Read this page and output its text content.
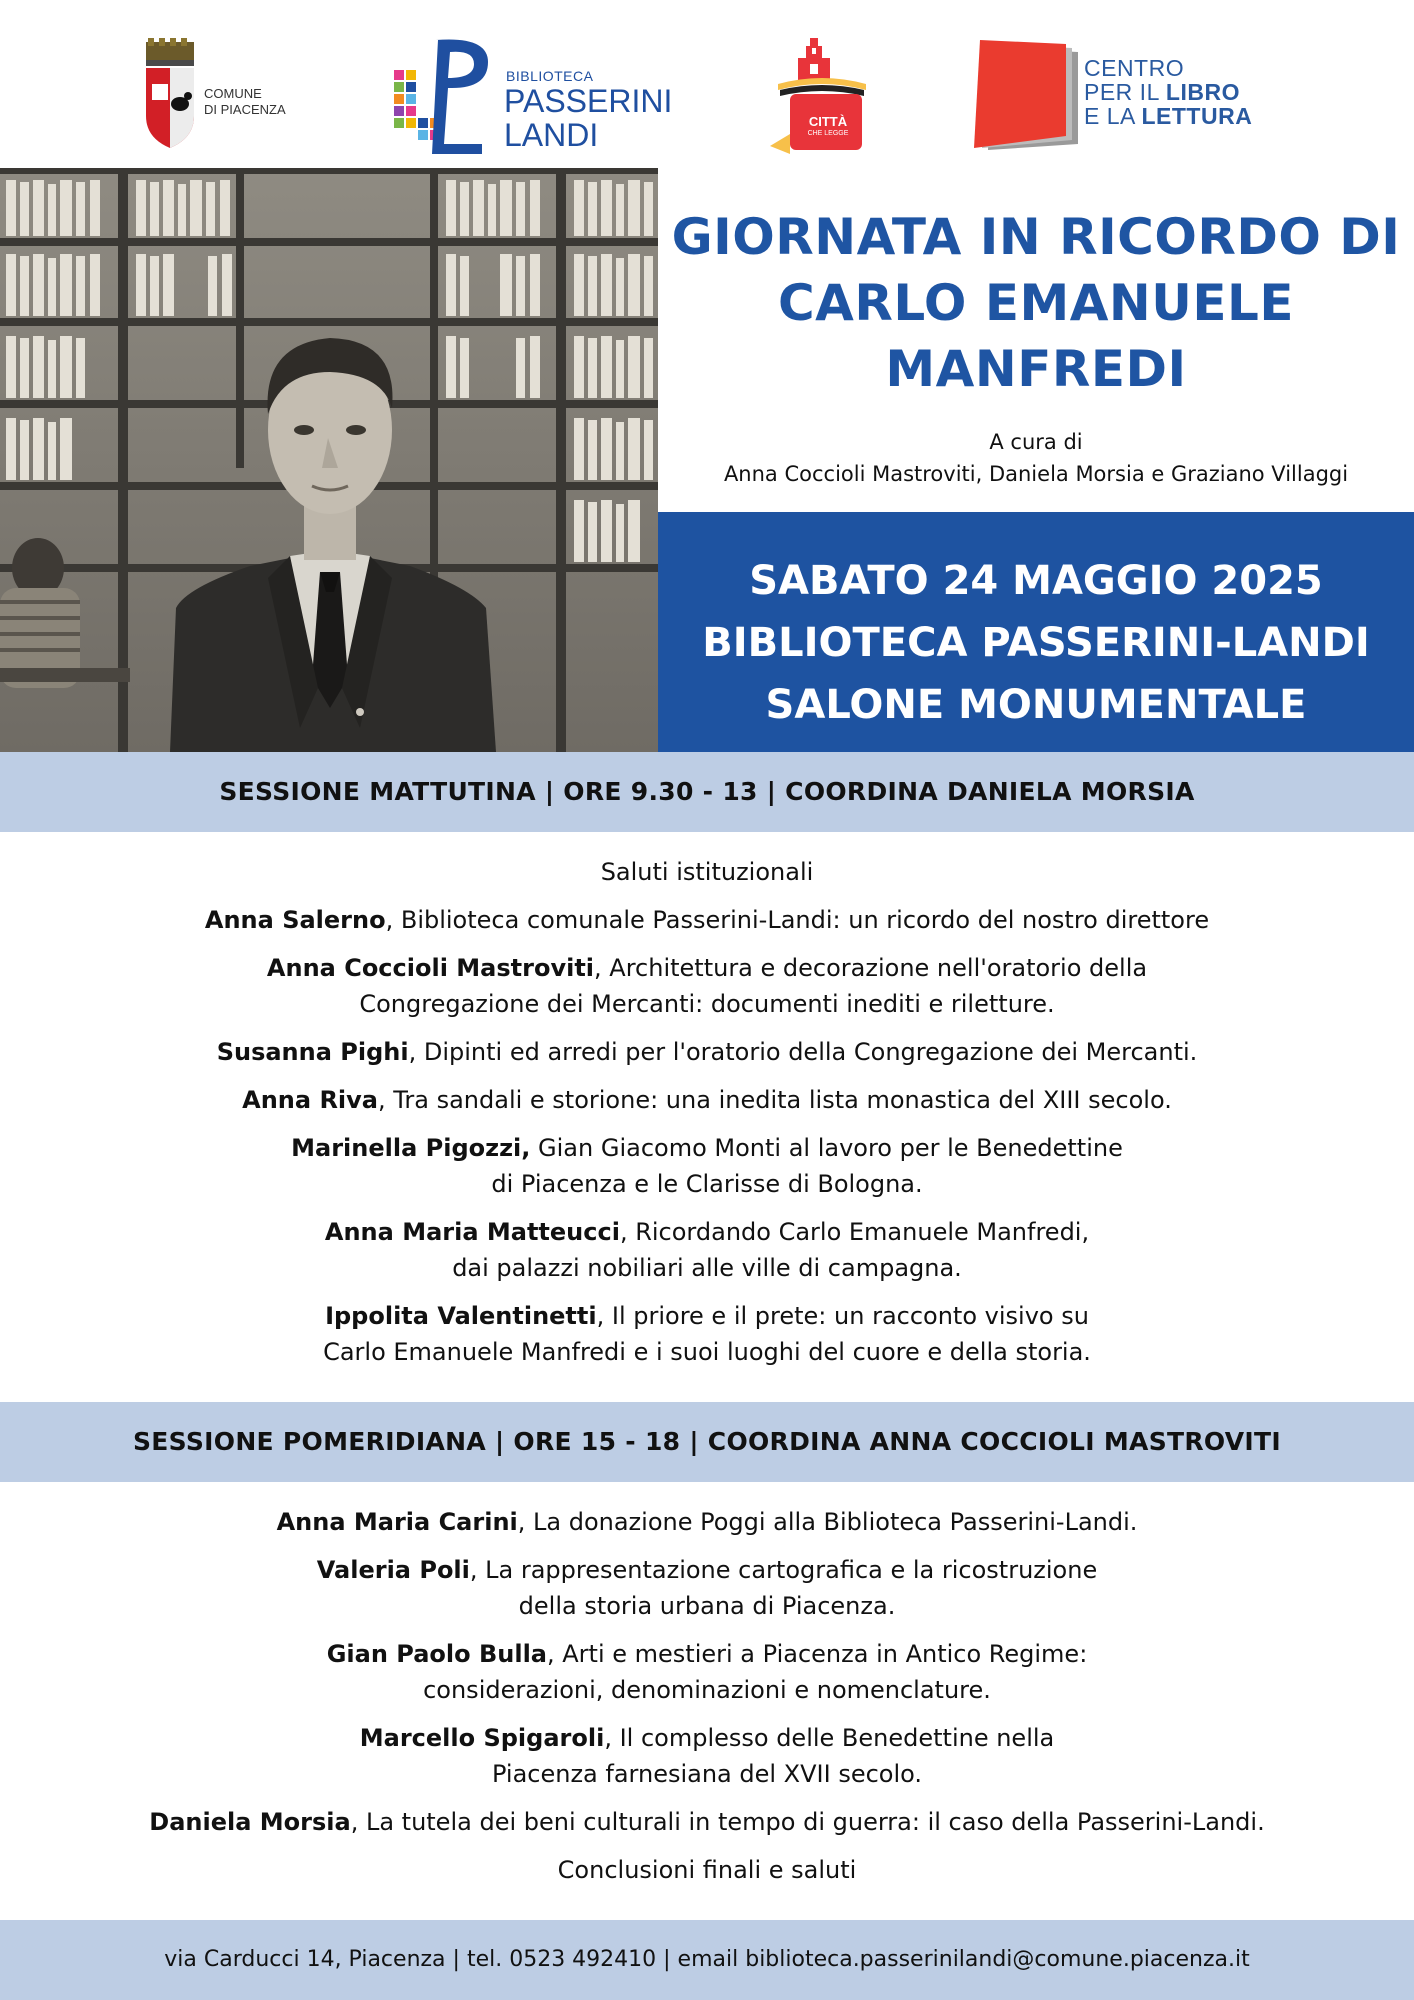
COMUNE
DI PIACENZA
BIBLIOTECA
PASSERINI
LANDI	CITTÀ
CHE LEGGE
CENTRO
PER IL LIBRO
E LA LETTURA
GIORNATA IN RICORDO DI
CARLO EMANUELE
MANFREDI
A cura di
Anna Coccioli Mastroviti, Daniela Morsia e Graziano Villaggi
SABATO 24 MAGGIO 2025
BIBLIOTECA PASSERINI-LANDI
SALONE MONUMENTALE
SESSIONE MATTUTINA | ORE 9.30 - 13 | COORDINA DANIELA MORSIA
Saluti istituzionali
Anna Salerno, Biblioteca comunale Passerini-Landi: un ricordo del nostro direttore
Anna Coccioli Mastroviti, Architettura e decorazione nell'oratorio della
Congregazione dei Mercanti: documenti inediti e riletture.
Susanna Pighi, Dipinti ed arredi per l'oratorio della Congregazione dei Mercanti.
Anna Riva, Tra sandali e storione: una inedita lista monastica del XIII secolo.
Marinella Pigozzi, Gian Giacomo Monti al lavoro per le Benedettine
di Piacenza e le Clarisse di Bologna.
Anna Maria Matteucci, Ricordando Carlo Emanuele Manfredi,
dai palazzi nobiliari alle ville di campagna.
Ippolita Valentinetti, Il priore e il prete: un racconto visivo su
Carlo Emanuele Manfredi e i suoi luoghi del cuore e della storia.
SESSIONE POMERIDIANA | ORE 15 - 18 | COORDINA ANNA COCCIOLI MASTROVITI
Anna Maria Carini, La donazione Poggi alla Biblioteca Passerini-Landi.
Valeria Poli, La rappresentazione cartografica e la ricostruzione
della storia urbana di Piacenza.
Gian Paolo Bulla, Arti e mestieri a Piacenza in Antico Regime:
considerazioni, denominazioni e nomenclature.
Marcello Spigaroli, Il complesso delle Benedettine nella
Piacenza farnesiana del XVII secolo.
Daniela Morsia, La tutela dei beni culturali in tempo di guerra: il caso della Passerini-Landi.
Conclusioni finali e saluti
via Carducci 14, Piacenza | tel. 0523 492410 | email biblioteca.passerinilandi@comune.piacenza.it
